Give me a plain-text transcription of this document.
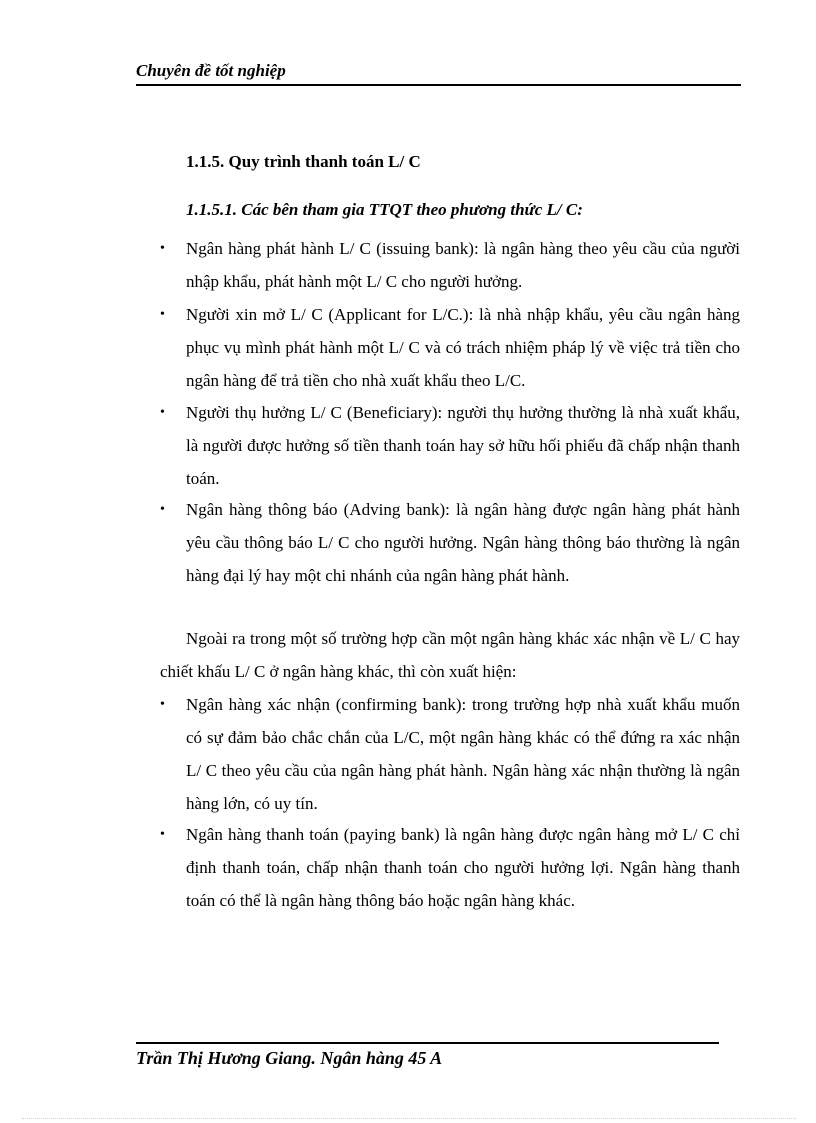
Chuyên đề tốt nghiệp
1.1.5. Quy trình thanh toán L/ C
1.1.5.1. Các bên tham gia TTQT theo phương thức L/ C:
• Ngân hàng phát hành L/ C (issuing bank): là ngân hàng theo yêu cầu của người nhập khẩu, phát hành một L/ C cho người hưởng.
• Người xin mở L/ C (Applicant for L/C.): là nhà nhập khẩu, yêu cầu ngân hàng phục vụ mình phát hành một L/ C và có trách nhiệm pháp lý về việc trả tiền cho ngân hàng để trả tiền cho nhà xuất khẩu theo L/C.
• Người thụ hưởng L/ C (Beneficiary): người thụ hưởng thường là nhà xuất khẩu, là người được hưởng số tiền thanh toán hay sở hữu hối phiếu đã chấp nhận thanh toán.
• Ngân hàng thông báo (Adving bank): là ngân hàng được ngân hàng phát hành yêu cầu thông báo L/ C cho người hưởng. Ngân hàng thông báo thường là ngân hàng đại lý hay một chi nhánh của ngân hàng phát hành.
Ngoài ra trong một số trường hợp cần một ngân hàng khác xác nhận về L/ C hay chiết khấu L/ C ở ngân hàng khác, thì còn xuất hiện:
• Ngân hàng xác nhận (confirming bank): trong trường hợp nhà xuất khẩu muốn có sự đảm bảo chắc chắn của L/C, một ngân hàng khác có thể đứng ra xác nhận L/ C theo yêu cầu của ngân hàng phát hành. Ngân hàng xác nhận thường là ngân hàng lớn, có uy tín.
• Ngân hàng thanh toán (paying bank) là ngân hàng được ngân hàng mở L/ C chỉ định thanh toán, chấp nhận thanh toán cho người hưởng lợi. Ngân hàng thanh toán có thể là ngân hàng thông báo hoặc ngân hàng khác.
Trần Thị Hương Giang. Ngân hàng 45 A
